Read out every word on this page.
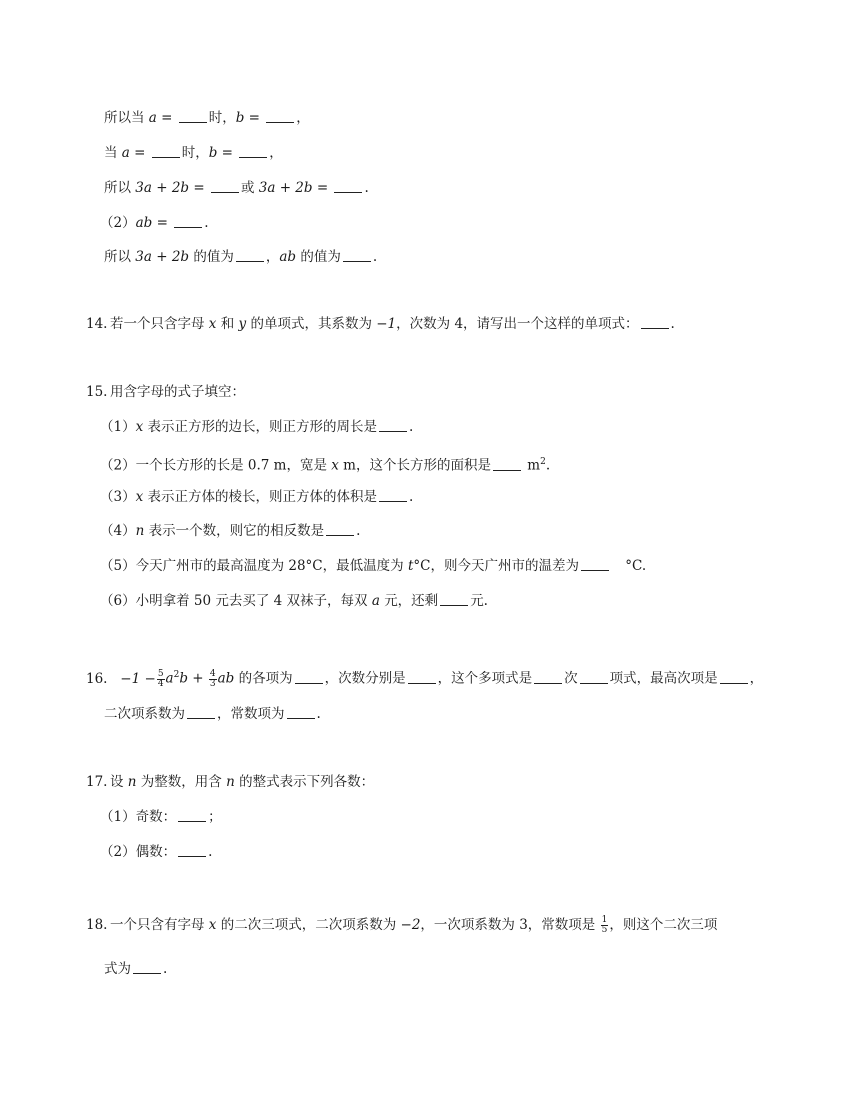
所以当 a =	时，b =	，
当 a =	时，b =	，
所以 3a + 2b =	或 3a + 2b =	.
（2）ab =	.
所以 3a + 2b 的值为 ，ab 的值为 .
14. 若一个只含字母 x 和 y 的单项式，其系数为 −1，次数为 4，请写出一个这样的单项式： .
15. 用含字母的式子填空：
（1）x 表示正方形的边长，则正方形的周长是 .
（2）一个长方形的长是 0.7 m，宽是 x m，这个长方形的面积是	$m^2$.
（3）x 表示正方体的棱长，则正方体的体积是 .
（4）n 表示一个数，则它的相反数是 .
（5）今天广州市的最高温度为 28°C，最低温度为 t°C，则今天广州市的温差为	°C.
（6）小明拿着 50 元去买了 4 双袜子，每双 a 元，还剩 元.
16. $-1 - \frac{5}{4} a^2b + \frac{4}{3}$ ab 的各项为 ，次数分别是 ，这个多项式是 次 项式，最高次项是 ，
二次项系数为 ，常数项为 .
17. 设 n 为整数，用含 n 的整式表示下列各数：
（1）奇数： ；
（2）偶数： .
18. 一个只含有字母 x 的二次三项式，二次项系数为 −2，一次项系数为 3，常数项是 $\frac{1}{5}$ ，则这个二次三项
式为 .
